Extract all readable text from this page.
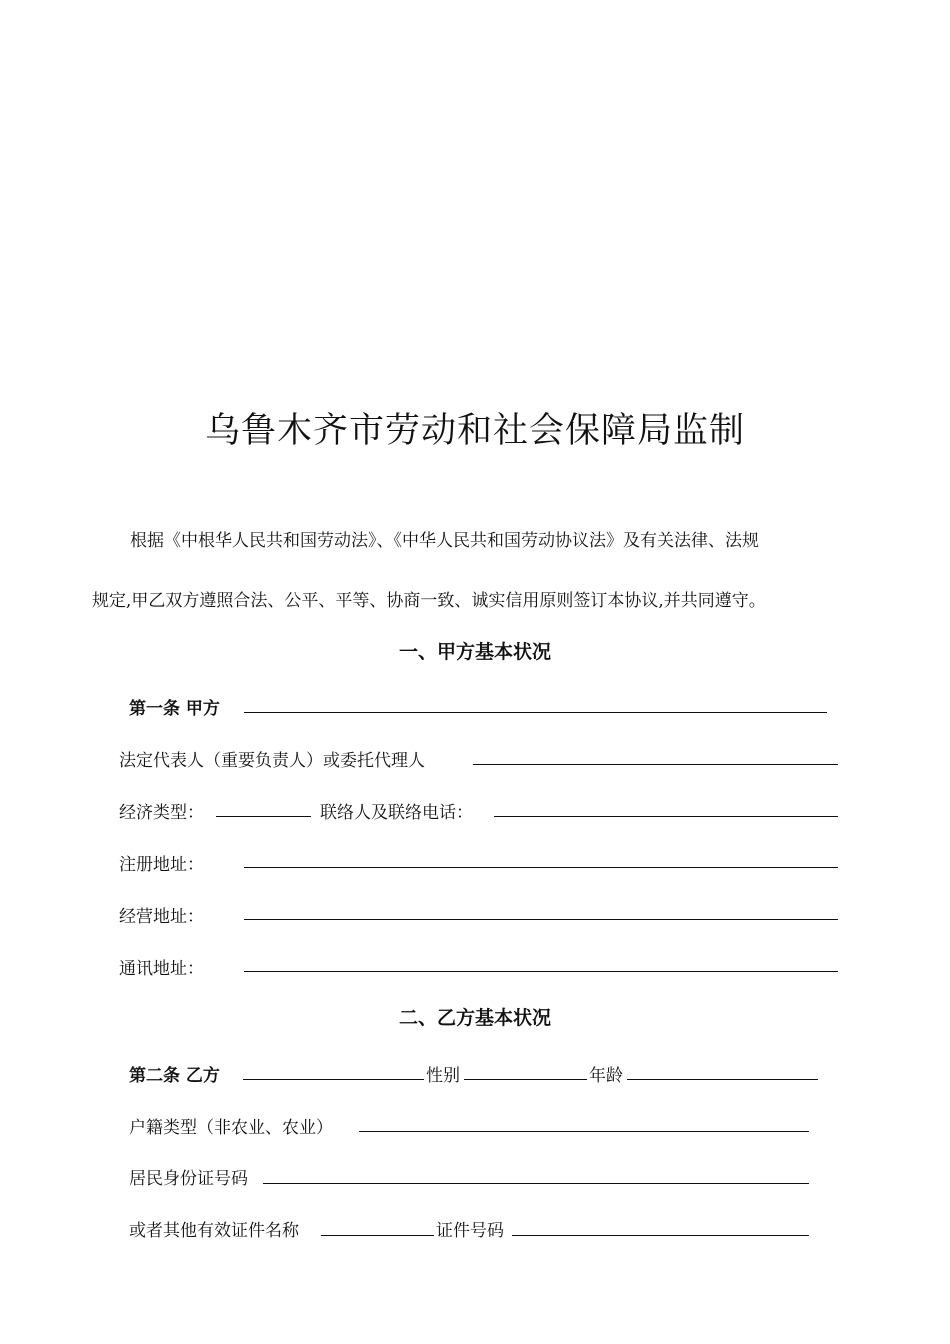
乌鲁木齐市劳动和社会保障局监制
根据《中根华人民共和国劳动法》、《中华人民共和国劳动协议法》及有关法律、法规
规定,甲乙双方遵照合法、公平、平等、协商一致、诚实信用原则签订本协议,并共同遵守。
一、甲方基本状况
第一条 甲方
法定代表人（重要负责人）或委托代理人
经济类型：	联络人及联络电话：
注册地址：
经营地址：
通讯地址：
二、乙方基本状况
第二条 乙方	性别	年龄
户籍类型（非农业、农业）
居民身份证号码
或者其他有效证件名称	证件号码
